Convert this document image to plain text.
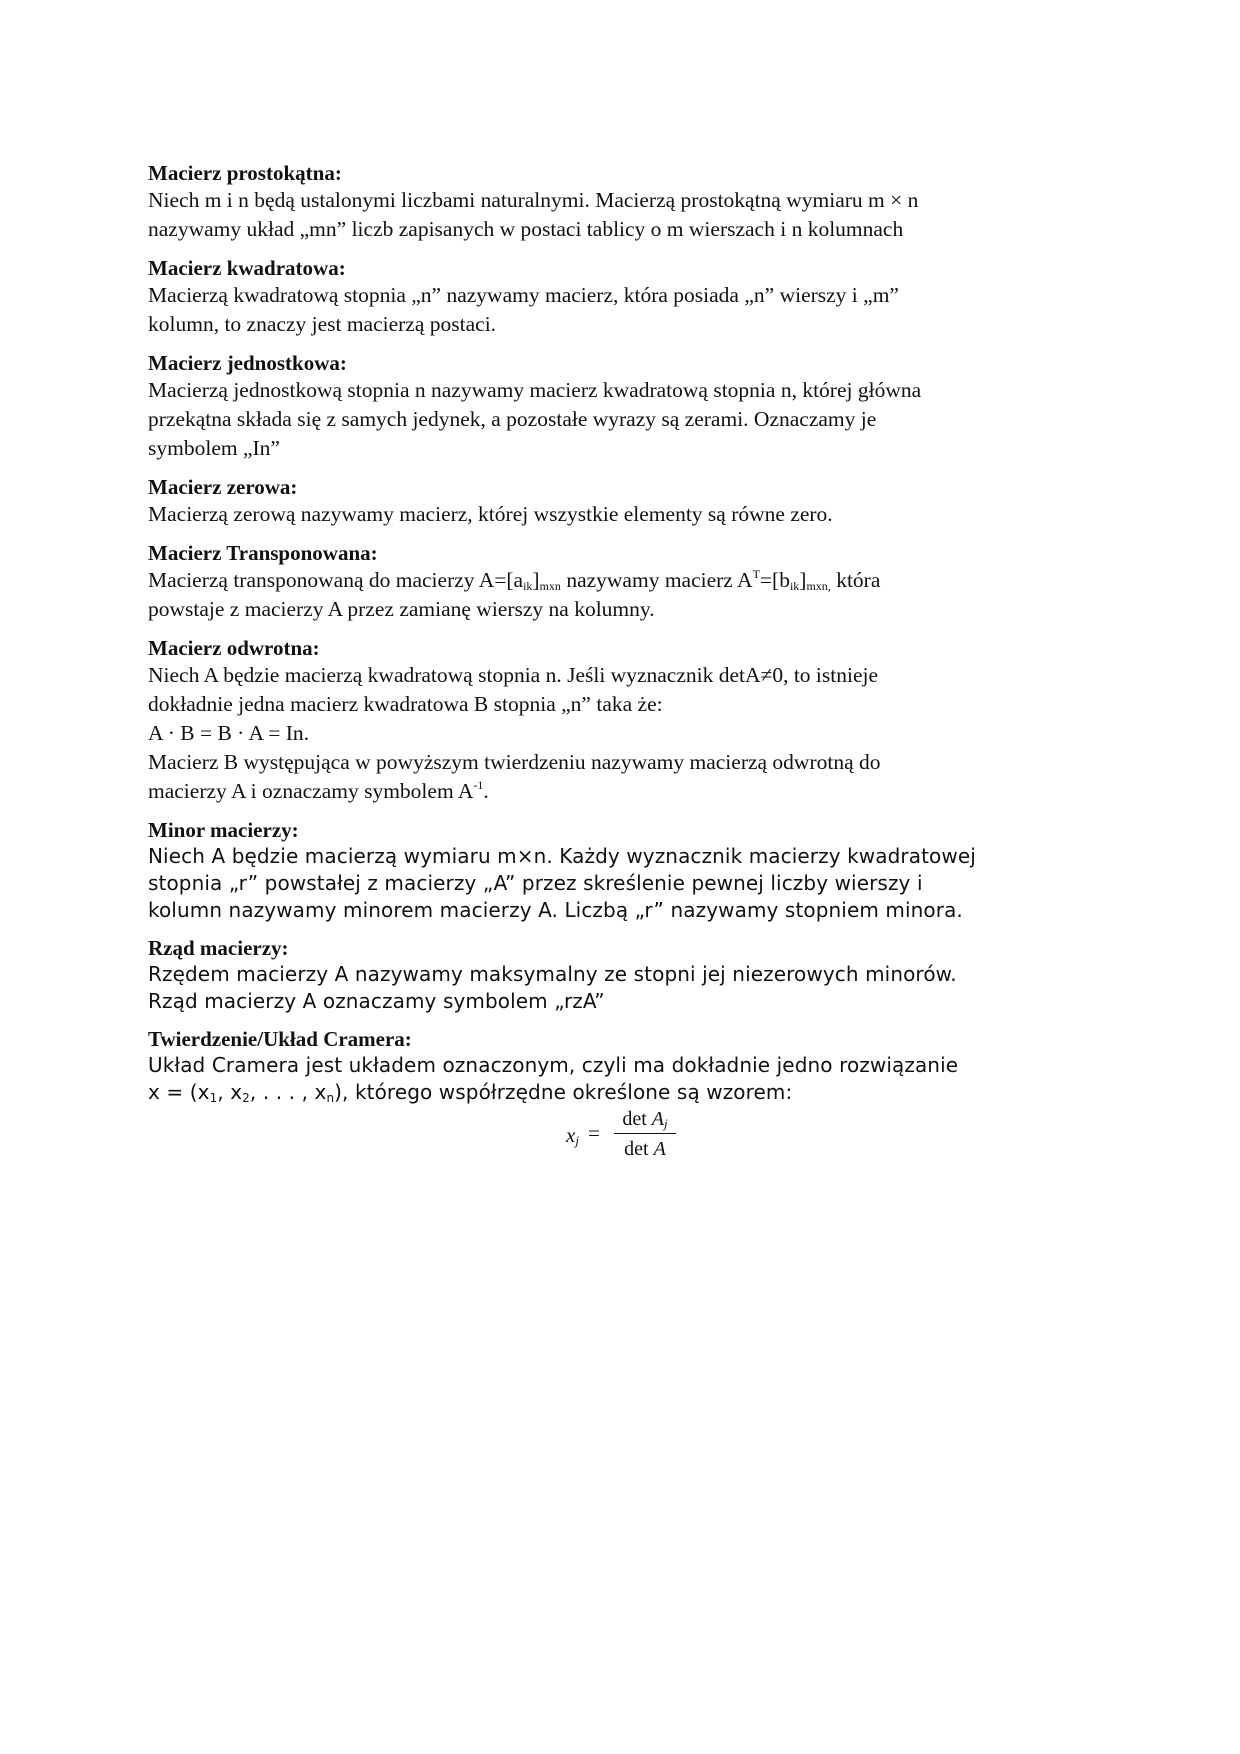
Macierz prostokątna:

Niech m i n będą ustalonymi liczbami naturalnymi. Macierzą prostokątną wymiaru m × n

nazywamy układ „mn” liczb zapisanych w postaci tablicy o m wierszach i n kolumnach

Macierz kwadratowa:

Macierzą kwadratową stopnia „n” nazywamy macierz, która posiada „n” wierszy i „m”

kolumn, to znaczy jest macierzą postaci.

Macierz jednostkowa:

Macierzą jednostkową stopnia n nazywamy macierz kwadratową stopnia n, której główna

przekątna składa się z samych jedynek, a pozostałe wyrazy są zerami. Oznaczamy je

symbolem „In”

Macierz zerowa:

Macierzą zerową nazywamy macierz, której wszystkie elementy są równe zero.

Macierz Transponowana:

Macierzą transponowaną do macierzy $A=[a_{ik}]_{mxn}$ nazywamy macierz $A^T=[b_{ik}]_{mxn,}$ która

powstaje z macierzy A przez zamianę wierszy na kolumny.

Macierz odwrotna:

Niech A będzie macierzą kwadratową stopnia n. Jeśli wyznacznik detA≠0, to istnieje

dokładnie jedna macierz kwadratowa B stopnia „n” taka że:

A · B = B · A = In.

Macierz B występująca w powyższym twierdzeniu nazywamy macierzą odwrotną do

macierzy A i oznaczamy symbolem $A^{-1}$.

Minor macierzy:

Niech A będzie macierzą wymiaru m×n. Każdy wyznacznik macierzy kwadratowej

stopnia „r” powstałej z macierzy „A” przez skreślenie pewnej liczby wierszy i

kolumn nazywamy minorem macierzy A. Liczbą „r” nazywamy stopniem minora.

Rząd macierzy:

Rzędem macierzy A nazywamy maksymalny ze stopni jej niezerowych minorów.

Rząd macierzy A oznaczamy symbolem „rzA”

Twierdzenie/Układ Cramera:

Układ Cramera jest układem oznaczonym, czyli ma dokładnie jedno rozwiązanie

$x = (x_1$, $x_2$, . . . , $x_n$), którego współrzędne określone są wzorem:

$x_j$ =
$\det A_j$
det A
